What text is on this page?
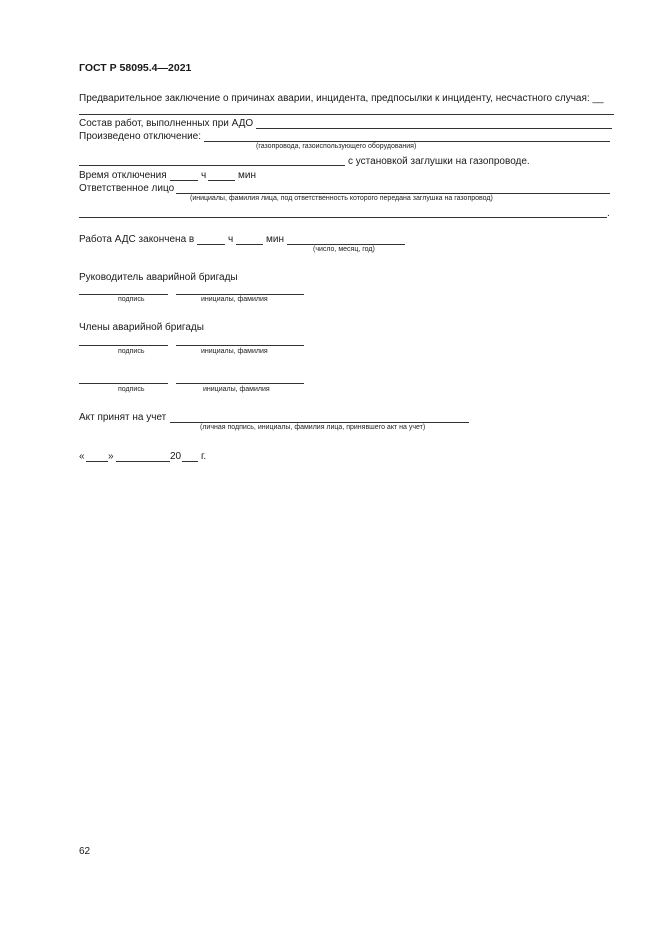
ГОСТ Р 58095.4—2021
Предварительное заключение о причинах аварии, инцидента, предпосылки к инциденту, несчастного случая: __
Состав работ, выполненных при АДО
Произведено отключение:
(газопровода, газоиспользующего оборудования)
с установкой заглушки на газопроводе.
Время отключения	ч	мин
Ответственное лицо
(инициалы, фамилия лица, под ответственность которого передана заглушка на газопровод)
.
Работа АДС закончена в	ч	мин
(число, месяц, год)
Руководитель аварийной бригады
подпись	инициалы, фамилия
Члены аварийной бригады
подпись	инициалы, фамилия
подпись	инициалы, фамилия
Акт принят на учет
(личная подпись, инициалы, фамилия лица, принявшего акт на учет)
« »	20 г.
62
